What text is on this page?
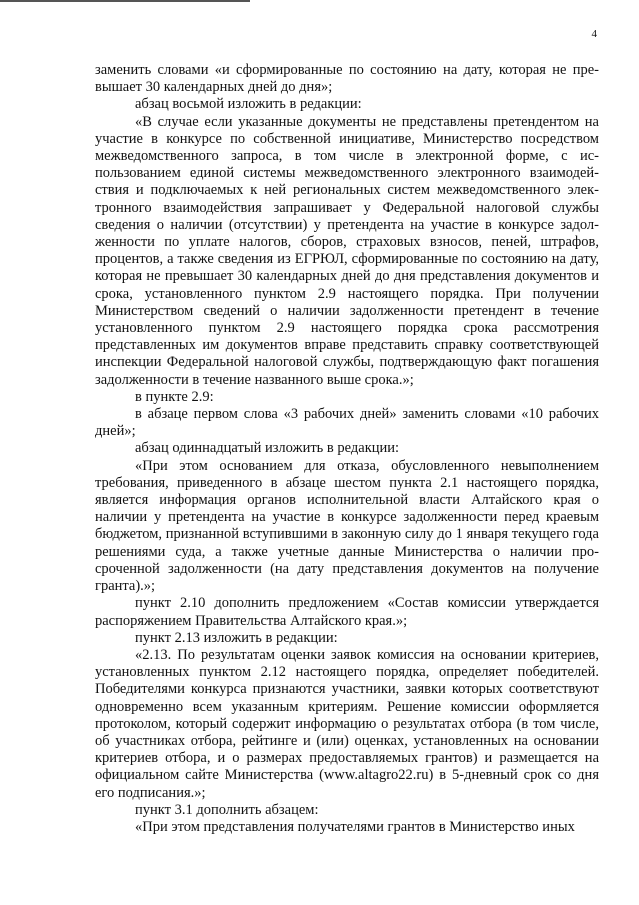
4

заменить словами «и сформированные по состоянию на дату, которая не превышает 30 календарных дней до дня»;

абзац восьмой изложить в редакции:

«В случае если указанные документы не представлены претендентом на участие в конкурсе по собственной инициативе, Министерство посредством межведомственного запроса, в том числе в электронной форме, с использованием единой системы межведомственного электронного взаимодействия и подключаемых к ней региональных систем межведомственного электронного взаимодействия запрашивает у Федеральной налоговой службы сведения о наличии (отсутствии) у претендента на участие в конкурсе задолженности по уплате налогов, сборов, страховых взносов, пеней, штрафов, процентов, а также сведения из ЕГРЮЛ, сформированные по состоянию на дату, которая не превышает 30 календарных дней до дня представления документов и срока, установленного пунктом 2.9 настоящего порядка. При получении Министерством сведений о наличии задолженности претендент в течение установленного пунктом 2.9 настоящего порядка срока рассмотрения представленных им документов вправе представить справку соответствующей инспекции Федеральной налоговой службы, подтверждающую факт погашения задолженности в течение названного выше срока.»;

в пункте 2.9:

в абзаце первом слова «3 рабочих дней» заменить словами «10 рабочих дней»;

абзац одиннадцатый изложить в редакции:

«При этом основанием для отказа, обусловленного невыполнением требования, приведенного в абзаце шестом пункта 2.1 настоящего порядка, является информация органов исполнительной власти Алтайского края о наличии у претендента на участие в конкурсе задолженности перед краевым бюджетом, признанной вступившими в законную силу до 1 января текущего года решениями суда, а также учетные данные Министерства о наличии просроченной задолженности (на дату представления документов на получение гранта).»;

пункт 2.10 дополнить предложением «Состав комиссии утверждается распоряжением Правительства Алтайского края.»;

пункт 2.13 изложить в редакции:

«2.13. По результатам оценки заявок комиссия на основании критериев, установленных пунктом 2.12 настоящего порядка, определяет победителей. Победителями конкурса признаются участники, заявки которых соответствуют одновременно всем указанным критериям. Решение комиссии оформляется протоколом, который содержит информацию о результатах отбора (в том числе, об участниках отбора, рейтинге и (или) оценках, установленных на основании критериев отбора, и о размерах предоставляемых грантов) и размещается на официальном сайте Министерства (www.altagro22.ru) в 5-дневный срок со дня его подписания.»;

пункт 3.1 дополнить абзацем:

«При этом представления получателями грантов в Министерство иных
